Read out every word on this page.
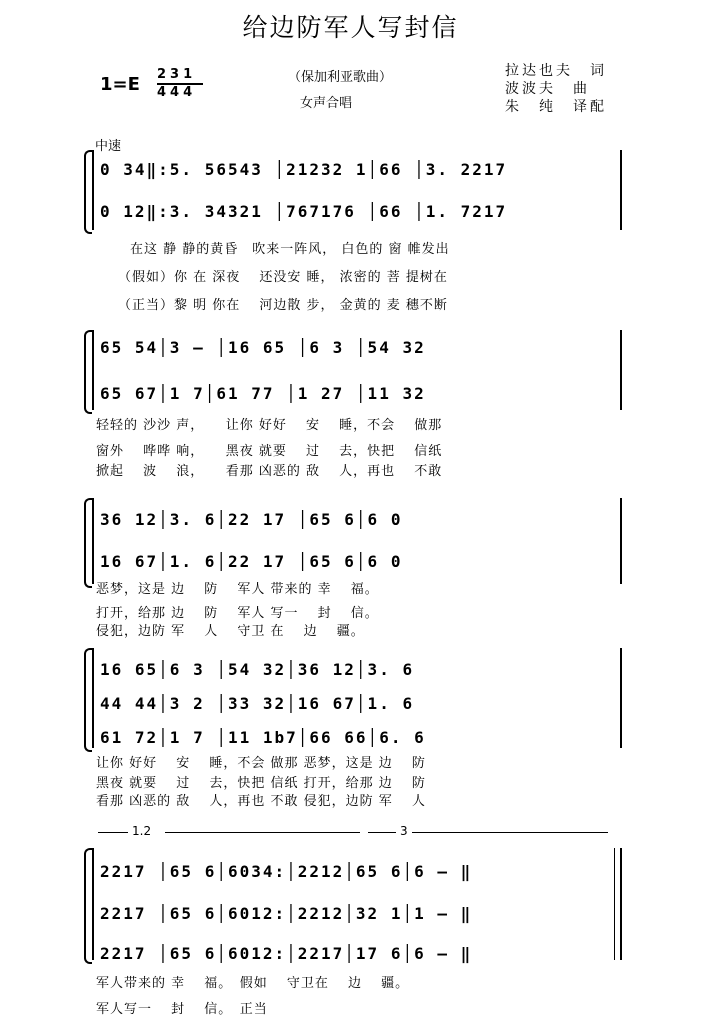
给边防军人写封信
1=E 231
444
（保加利亚歌曲）
女声合唱
拉达也夫　词
波波夫　曲
朱　纯　译配
中速
0 34‖:5. 56543 │21232 1│66 │3. 2217
0 12‖:3. 34321 │767176 │66 │1. 7217
在这 静 静的黄昏　吹来一阵风， 白色的 窗 帷发出
（假如）你 在 深夜　 还没安 睡， 浓密的 菩 提树在
（正当）黎 明 你在　 河边散 步， 金黄的 麦 穗不断
65 54│3 — │16 65 │6 3 │54 32
65 67│1 7│61 77 │1 27 │11 32
轻轻的 沙沙 声，　　让你 好好 　安 　睡，不会 　做那
窗外 　哗哗 响，　　黑夜 就要 　过 　去，快把 　信纸
掀起 　波 　浪，　　看那 凶恶的 敌 　人，再也 　不敢
36 12│3. 6│22 17 │65 6│6 0
16 67│1. 6│22 17 │65 6│6 0
恶梦，这是 边 　防 　军人 带来的 幸 　福。
打开，给那 边 　防 　军人 写一 　封 　信。
侵犯，边防 军 　人 　守卫 在 　边 　疆。
16 65│6 3 │54 32│36 12│3. 6
44 44│3 2 │33 32│16 67│1. 6
61 72│1 7 │11 1b7│66 66│6. 6
让你 好好 　安 　睡，不会 做那 恶梦，这是 边 　防
黑夜 就要 　过 　去，快把 信纸 打开，给那 边 　防
看那 凶恶的 敌 　人，再也 不敢 侵犯，边防 军 　人
1.2	3
2217 │65 6│6034:│2212│65 6│6 — ‖
2217 │65 6│6012:│2212│32 1│1 — ‖
2217 │65 6│6012:│2217│17 6│6 — ‖
军人带来的 幸 　福。　假如 　守卫在 　边 　疆。
军人写一 　封 　信。　正当
